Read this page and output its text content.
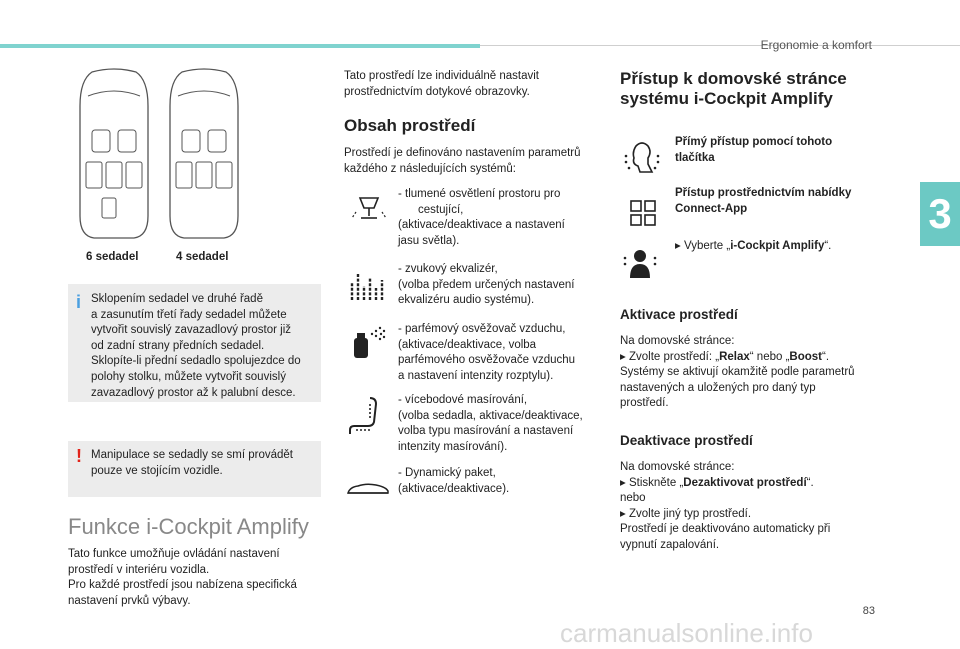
Ergonomie a komfort
3
6 sedadel	4 sedadel
i Sklopením sedadel ve druhé řadě

a zasunutím třetí řady sedadel můžete

vytvořit souvislý zavazadlový prostor již

od zadní strany předních sedadel.

Sklopíte-li přední sedadlo spolujezdce do

polohy stolku, můžete vytvořit souvislý

zavazadlový prostor až k palubní desce.

! Manipulace se sedadly se smí provádět

pouze ve stojícím vozidle.

Funkce i-Cockpit Amplify

Tato funkce umožňuje ovládání nastavení

prostředí v interiéru vozidla.

Pro každé prostředí jsou nabízena specifická

nastavení prvků výbavy.

Tato prostředí lze individuálně nastavit

prostřednictvím dotykové obrazovky.

Obsah prostředí

Prostředí je definováno nastavením parametrů

každého z následujících systémů:

- tlumené osvětlení prostoru pro

cestující,

(aktivace/deaktivace a nastavení

jasu světla).

- zvukový ekvalizér,

(volba předem určených nastavení

ekvalizéru audio systému).

- parfémový osvěžovač vzduchu,

(aktivace/deaktivace, volba

parfémového osvěžovače vzduchu

a nastavení intenzity rozptylu).

- vícebodové masírování,

(volba sedadla, aktivace/deaktivace,

volba typu masírování a nastavení

intenzity masírování).

- Dynamický paket,

(aktivace/deaktivace).

Přístup k domovské stránce
systému i-Cockpit Amplify

Přímý přístup pomocí tohoto

tlačítka

Přístup prostřednictvím nabídky

Connect-App

▸ Vyberte „i-Cockpit Amplify“.
Aktivace prostředí

Na domovské stránce:

▸ Zvolte prostředí: „Relax“ nebo „Boost“.

Systémy se aktivují okamžitě podle parametrů

nastavených a uložených pro daný typ

prostředí.

Deaktivace prostředí

Na domovské stránce:

▸ Stiskněte „Dezaktivovat prostředí“.

nebo

▸ Zvolte jiný typ prostředí.

Prostředí je deaktivováno automaticky při

vypnutí zapalování.

83
carmanualsonline.info
